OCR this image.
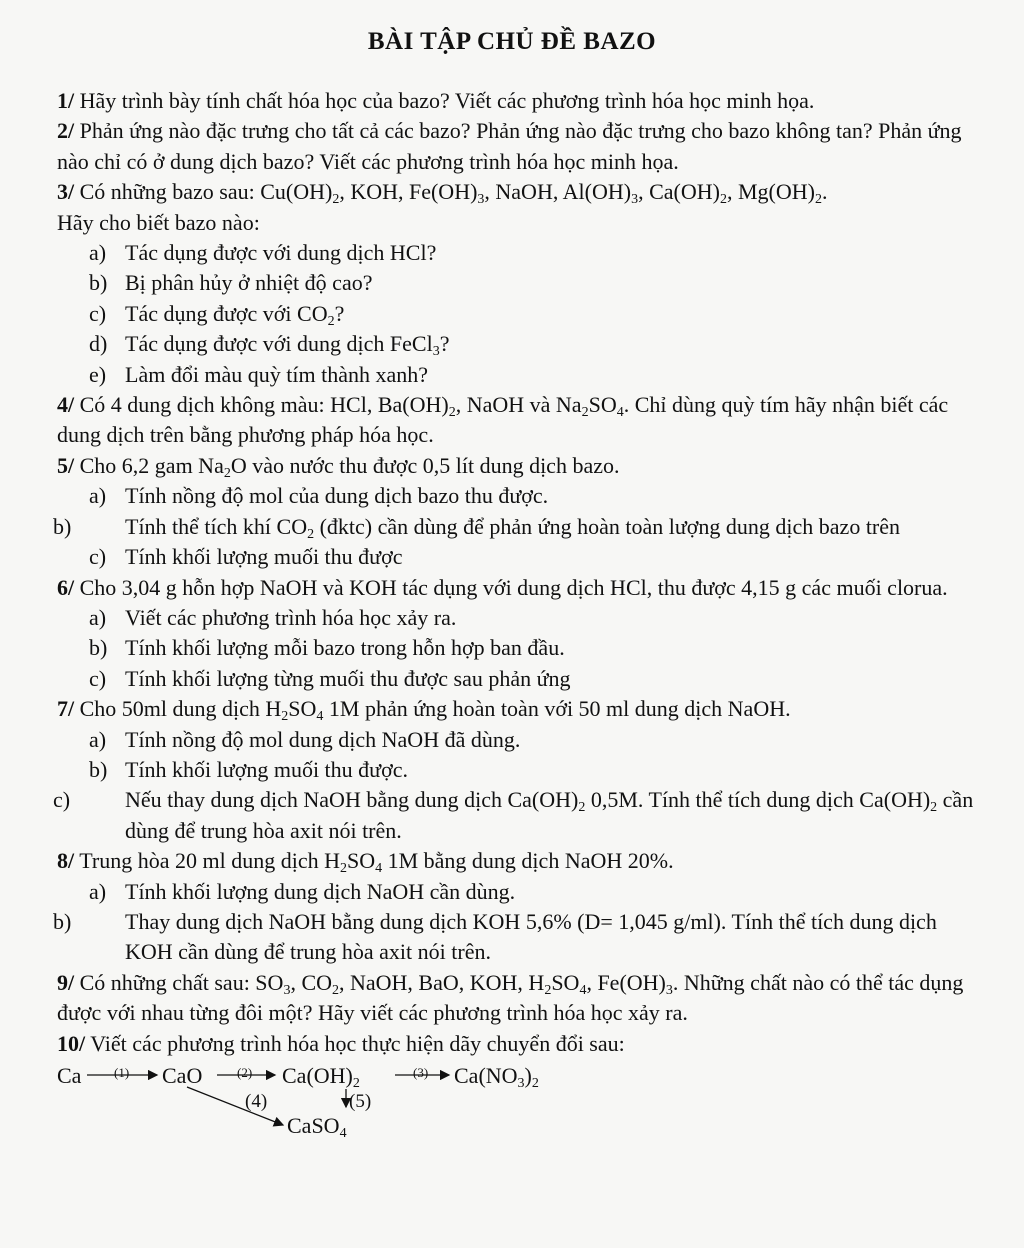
BÀI TẬP CHỦ ĐỀ BAZO

1/ Hãy trình bày tính chất hóa học của bazo? Viết các phương trình hóa học minh họa.

2/ Phản ứng nào đặc trưng cho tất cả các bazo? Phản ứng nào đặc trưng cho bazo không tan? Phản ứng nào chỉ có ở dung dịch bazo? Viết các phương trình hóa học minh họa.

3/ Có những bazo sau: $Cu(OH)_2$, KOH, $Fe(OH)_3$, NaOH, $Al(OH)_3$, $Ca(OH)_2$, $Mg(OH)_2$.

Hãy cho biết bazo nào:

a) Tác dụng được với dung dịch HCl?

b) Bị phân hủy ở nhiệt độ cao?

c) Tác dụng được với $CO_2$?

d) Tác dụng được với dung dịch FeCl$_3$?

e) Làm đổi màu quỳ tím thành xanh?

4/ Có 4 dung dịch không màu: HCl, $Ba(OH)_2$, NaOH và $Na_2SO_4$. Chỉ dùng quỳ tím hãy nhận biết các dung dịch trên bằng phương pháp hóa học.

5/ Cho 6,2 gam $Na_2O$ vào nước thu được 0,5 lít dung dịch bazo.

a) Tính nồng độ mol của dung dịch bazo thu được.

b) Tính thể tích khí $CO_2$ (đktc) cần dùng để phản ứng hoàn toàn lượng dung dịch bazo trên

c) Tính khối lượng muối thu được

6/ Cho 3,04 g hỗn hợp NaOH và KOH tác dụng với dung dịch HCl, thu được 4,15 g các muối clorua.

a) Viết các phương trình hóa học xảy ra.

b) Tính khối lượng mỗi bazo trong hỗn hợp ban đầu.

c) Tính khối lượng từng muối thu được sau phản ứng

7/ Cho 50ml dung dịch $H_2SO_4$ 1M phản ứng hoàn toàn với 50 ml dung dịch NaOH.

a) Tính nồng độ mol dung dịch NaOH đã dùng.

b) Tính khối lượng muối thu được.

c) Nếu thay dung dịch NaOH bằng dung dịch $Ca(OH)_2$ 0,5M. Tính thể tích dung dịch $Ca(OH)_2$ cần dùng để trung hòa axit nói trên.

8/ Trung hòa 20 ml dung dịch $H_2SO_4$ 1M bằng dung dịch NaOH 20%.

a) Tính khối lượng dung dịch NaOH cần dùng.

b) Thay dung dịch NaOH bằng dung dịch KOH 5,6% (D= 1,045 g/ml). Tính thể tích dung dịch KOH cần dùng để trung hòa axit nói trên.

9/ Có những chất sau: $SO_3$, $CO_2$, NaOH, BaO, KOH, $H_2SO_4$, $Fe(OH)_3$. Những chất nào có thể tác dụng được với nhau từng đôi một? Hãy viết các phương trình hóa học xảy ra.

10/ Viết các phương trình hóa học thực hiện dãy chuyển đổi sau:

Ca	CaO	$Ca(OH)_2$	$Ca(NO_3)_2$
CaSO$_4$
(1)	(2)	(3)
(4)	(5)
